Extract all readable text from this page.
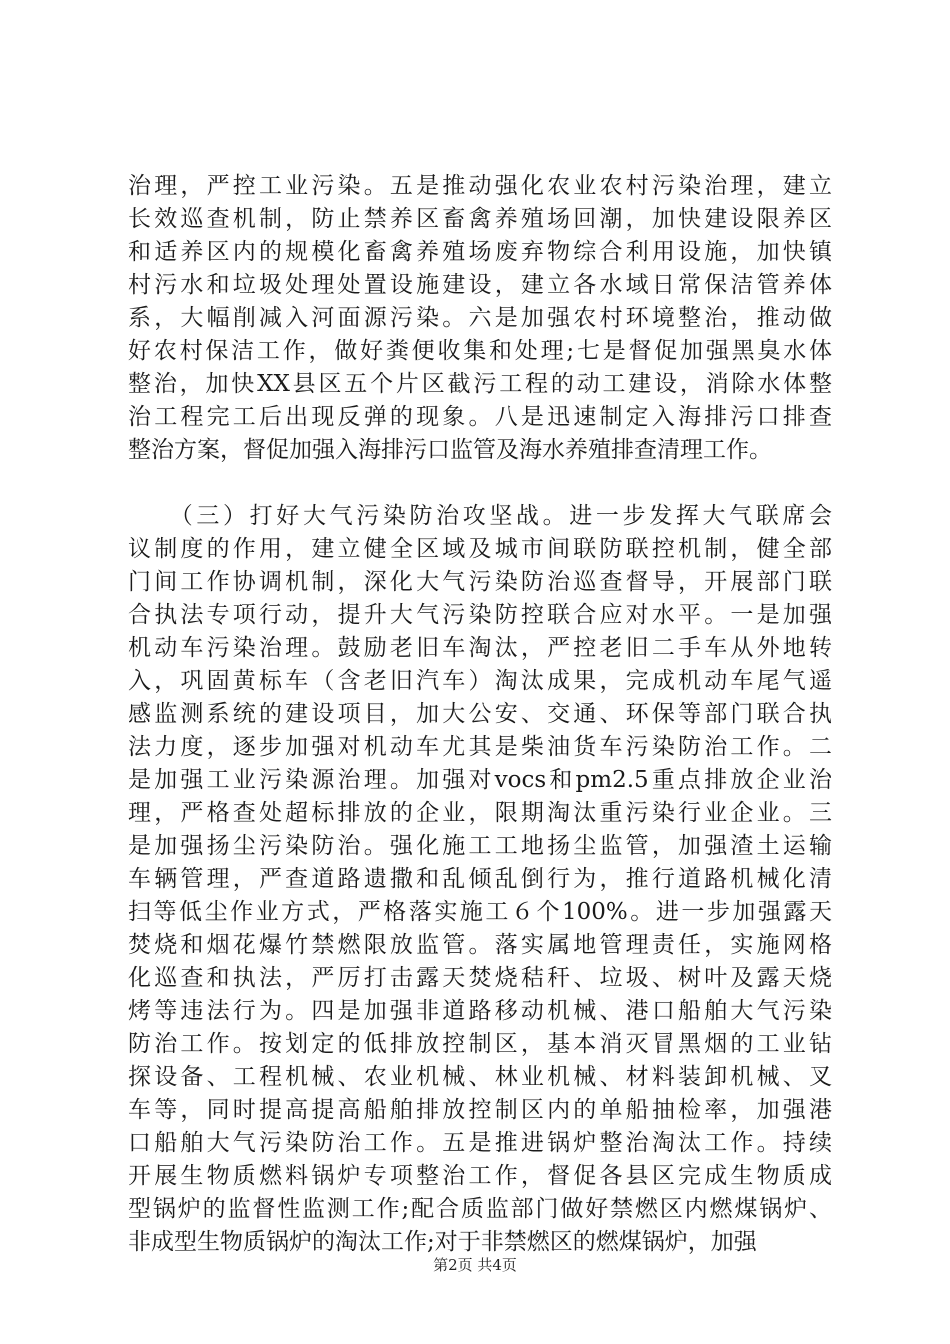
治理，严控工业污染。五是推动强化农业农村污染治理，建立
长效巡查机制，防止禁养区畜禽养殖场回潮，加快建设限养区
和适养区内的规模化畜禽养殖场废弃物综合利用设施，加快镇
村污水和垃圾处理处置设施建设，建立各水域日常保洁管养体
系，大幅削减入河面源污染。六是加强农村环境整治，推动做
好农村保洁工作，做好粪便收集和处理;七是督促加强黑臭水体
整治，加快XX县区五个片区截污工程的动工建设，消除水体整
治工程完工后出现反弹的现象。八是迅速制定入海排污口排查
整治方案，督促加强入海排污口监管及海水养殖排查清理工作。
　　（三）打好大气污染防治攻坚战。进一步发挥大气联席会
议制度的作用，建立健全区域及城市间联防联控机制，健全部
门间工作协调机制，深化大气污染防治巡查督导，开展部门联
合执法专项行动，提升大气污染防控联合应对水平。一是加强
机动车污染治理。鼓励老旧车淘汰，严控老旧二手车从外地转
入，巩固黄标车（含老旧汽车）淘汰成果，完成机动车尾气遥
感监测系统的建设项目，加大公安、交通、环保等部门联合执
法力度，逐步加强对机动车尤其是柴油货车污染防治工作。二
是加强工业污染源治理。加强对vocs和pm2.5重点排放企业治
理，严格查处超标排放的企业，限期淘汰重污染行业企业。三
是加强扬尘污染防治。强化施工工地扬尘监管，加强渣土运输
车辆管理，严查道路遗撒和乱倾乱倒行为，推行道路机械化清
扫等低尘作业方式，严格落实施工６个100%。进一步加强露天
焚烧和烟花爆竹禁燃限放监管。落实属地管理责任，实施网格
化巡查和执法，严厉打击露天焚烧秸秆、垃圾、树叶及露天烧
烤等违法行为。四是加强非道路移动机械、港口船舶大气污染
防治工作。按划定的低排放控制区，基本消灭冒黑烟的工业钻
探设备、工程机械、农业机械、林业机械、材料装卸机械、叉
车等，同时提高提高船舶排放控制区内的单船抽检率，加强港
口船舶大气污染防治工作。五是推进锅炉整治淘汰工作。持续
开展生物质燃料锅炉专项整治工作，督促各县区完成生物质成
型锅炉的监督性监测工作;配合质监部门做好禁燃区内燃煤锅炉、
非成型生物质锅炉的淘汰工作;对于非禁燃区的燃煤锅炉，加强
第2页 共4页
